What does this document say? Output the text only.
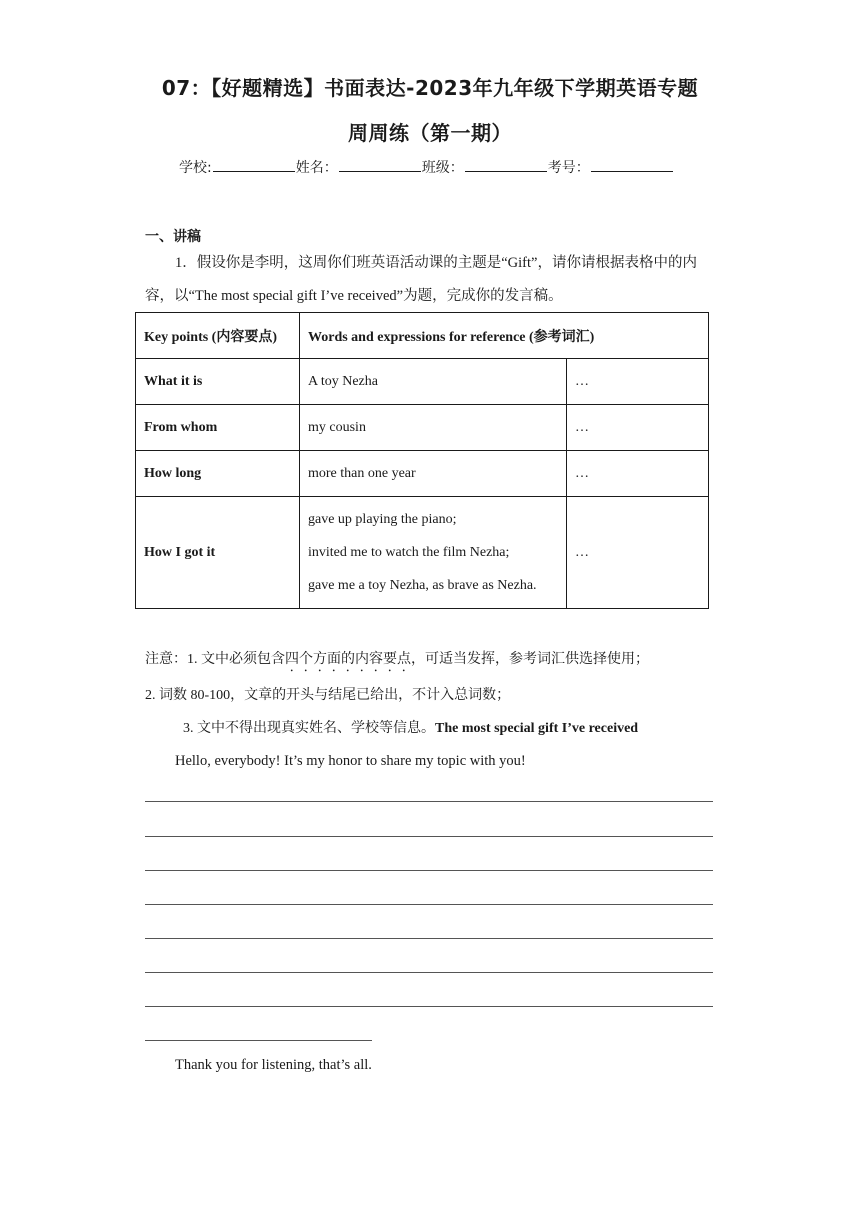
07：【好题精选】书面表达-2023年九年级下学期英语专题
周周练（第一期）
学校:	姓名：	班级：	考号：
一、讲稿
1．假设你是李明，这周你们班英语活动课的主题是“Gift”，请你请根据表格中的内
容，以“The most special gift I’ve received”为题，完成你的发言稿。
Key points (内容要点)	Words and expressions for reference (参考词汇)	
What it is	A toy Nezha	…
From whom	my cousin	…
How long	more than one year	…
How I got it	gave up playing the piano;
invited me to watch the film Nezha;
gave me a toy Nezha, as brave as Nezha.	…
注意：1. 文中必须包含四个方面的内容要点，可适当发挥，参考词汇供选择使用；
2. 词数 80-100，文章的开头与结尾已给出，不计入总词数；
3. 文中不得出现真实姓名、学校等信息。The most special gift I’ve received
Hello, everybody! It’s my honor to share my topic with you!
Thank you for listening, that’s all.
